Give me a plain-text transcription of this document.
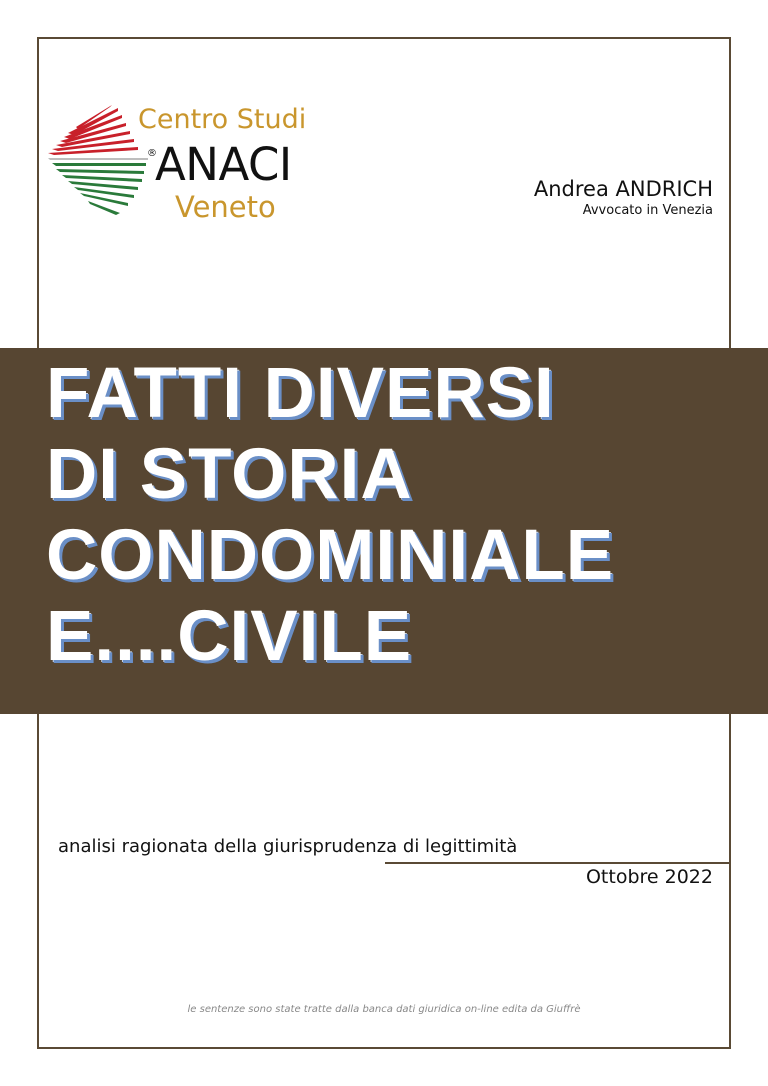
Centro Studi
®
ANACI
Veneto
Andrea ANDRICH
Avvocato in Venezia
FATTI DIVERSI
DI STORIA
CONDOMINIALE
E....CIVILE
analisi ragionata della giurisprudenza di legittimità
Ottobre 2022
le sentenze sono state tratte dalla banca dati giuridica on-line edita da Giuffrè
